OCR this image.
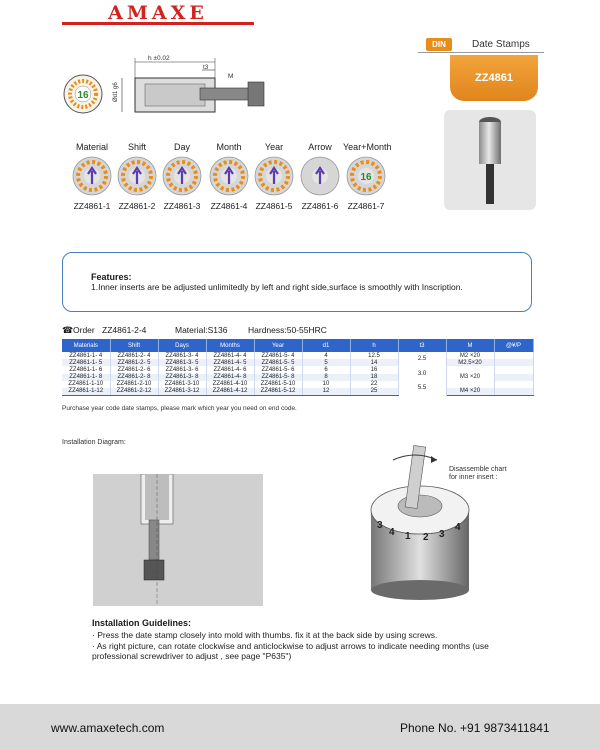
AMAXE
DIN	Date Stamps
ZZ4861
16
h ±0.02
t3
M
Ød1 g6
Material
ZZ4861-1
Shift
ZZ4861-2
Day
ZZ4861-3
Month
ZZ4861-4
Year
ZZ4861-5
Arrow
ZZ4861-6
Year+Month
16
ZZ4861-7
Features:
1.Inner inserts are be adjusted unlimitedly by left and right side,surface is smoothly with Inscription.
☎ Order ZZ4861-2-4	Material:S136 Hardness:50-55HRC
Materials	Shift	Days	Months	Year	d1	h	t3	M	@¥/P
ZZ4861-1- 4	ZZ4861-2- 4	ZZ4861-3- 4	ZZ4861-4- 4	ZZ4861-5- 4	4	12.5	2.5	M2 ×20	
ZZ4861-1- 5	ZZ4861-2- 5	ZZ4861-3- 5	ZZ4861-4- 5	ZZ4861-5- 5	5	14		M2.5×20	
ZZ4861-1- 6	ZZ4861-2- 6	ZZ4861-3- 6	ZZ4861-4- 6	ZZ4861-5- 6	6	16	3.0	M3 ×20	
ZZ4861-1- 8	ZZ4861-2- 8	ZZ4861-3- 8	ZZ4861-4- 8	ZZ4861-5- 8	8	18			
ZZ4861-1-10	ZZ4861-2-10	ZZ4861-3-10	ZZ4861-4-10	ZZ4861-5-10	10	22	5.5		
ZZ4861-1-12	ZZ4861-2-12	ZZ4861-3-12	ZZ4861-4-12	ZZ4861-5-12	12	25		M4 ×20	
Purchase year code date stamps, please mark which year you need on end code.
Installation Diagram:
Disassemble chart
for inner insert :
3
4 1 2 3
4
Installation Guidelines:
· Press the date stamp closely into mold with thumbs. fix it at the back side by using screws.
· As right picture, can rotate clockwise and anticlockwise to adjust arrows to indicate needing months (use professional screwdriver to adjust , see page "P635")
www.amaxetech.com	Phone No. +91 9873411841
